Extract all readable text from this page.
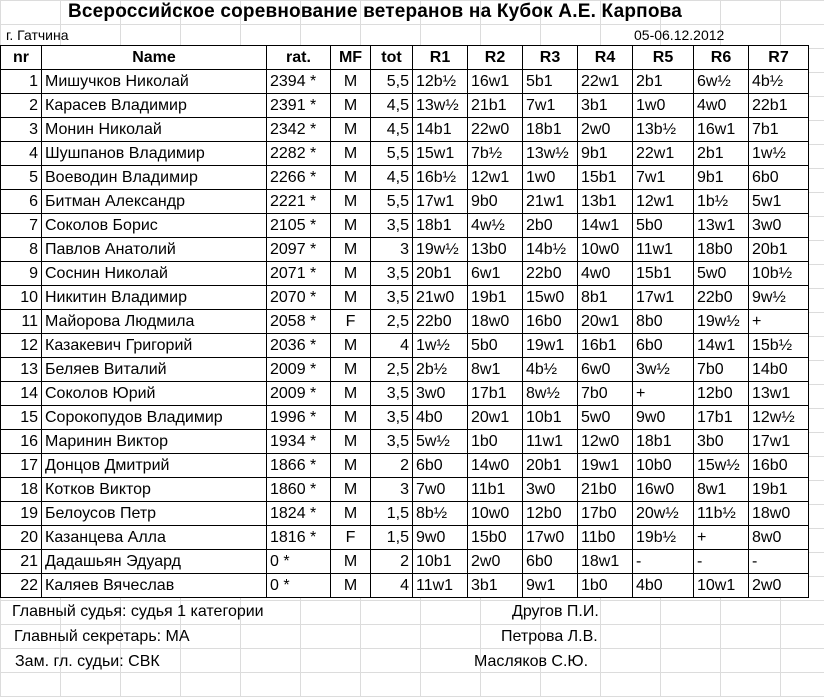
Всероссийское соревнование ветеранов на Кубок А.Е. Карпова
г. Гатчина	05-06.12.2012
nr	Name	rat.	MF	tot	R1	R2	R3	R4	R5	R6	R7
1	Мишучков Николай	2394 *	M	5,5	12b½	16w1	5b1	22w1	2b1	6w½	4b½
2	Карасев Владимир	2391 *	M	4,5	13w½	21b1	7w1	3b1	1w0	4w0	22b1
3	Монин Николай	2342 *	M	4,5	14b1	22w0	18b1	2w0	13b½	16w1	7b1
4	Шушпанов Владимир	2282 *	M	5,5	15w1	7b½	13w½	9b1	22w1	2b1	1w½
5	Воеводин Владимир	2266 *	M	4,5	16b½	12w1	1w0	15b1	7w1	9b1	6b0
6	Битман Александр	2221 *	M	5,5	17w1	9b0	21w1	13b1	12w1	1b½	5w1
7	Соколов Борис	2105 *	M	3,5	18b1	4w½	2b0	14w1	5b0	13w1	3w0
8	Павлов Анатолий	2097 *	M	3	19w½	13b0	14b½	10w0	11w1	18b0	20b1
9	Соснин Николай	2071 *	M	3,5	20b1	6w1	22b0	4w0	15b1	5w0	10b½
10	Никитин Владимир	2070 *	M	3,5	21w0	19b1	15w0	8b1	17w1	22b0	9w½
11	Майорова Людмила	2058 *	F	2,5	22b0	18w0	16b0	20w1	8b0	19w½	+
12	Казакевич Григорий	2036 *	M	4	1w½	5b0	19w1	16b1	6b0	14w1	15b½
13	Беляев Виталий	2009 *	M	2,5	2b½	8w1	4b½	6w0	3w½	7b0	14b0
14	Соколов Юрий	2009 *	M	3,5	3w0	17b1	8w½	7b0	+	12b0	13w1
15	Сорокопудов Владимир	1996 *	M	3,5	4b0	20w1	10b1	5w0	9w0	17b1	12w½
16	Маринин Виктор	1934 *	M	3,5	5w½	1b0	11w1	12w0	18b1	3b0	17w1
17	Донцов Дмитрий	1866 *	M	2	6b0	14w0	20b1	19w1	10b0	15w½	16b0
18	Котков Виктор	1860 *	M	3	7w0	11b1	3w0	21b0	16w0	8w1	19b1
19	Белоусов Петр	1824 *	M	1,5	8b½	10w0	12b0	17b0	20w½	11b½	18w0
20	Казанцева Алла	1816 *	F	1,5	9w0	15b0	17w0	11b0	19b½	+	8w0
21	Дадашьян Эдуард	0 *	M	2	10b1	2w0	6b0	18w1	-	-	-
22	Каляев Вячеслав	0 *	M	4	11w1	3b1	9w1	1b0	4b0	10w1	2w0
Главный судья: судья 1 категории	Другов П.И.
Главный секретарь: МА	Петрова Л.В.
Зам. гл. судьи: СВК	Масляков С.Ю.
